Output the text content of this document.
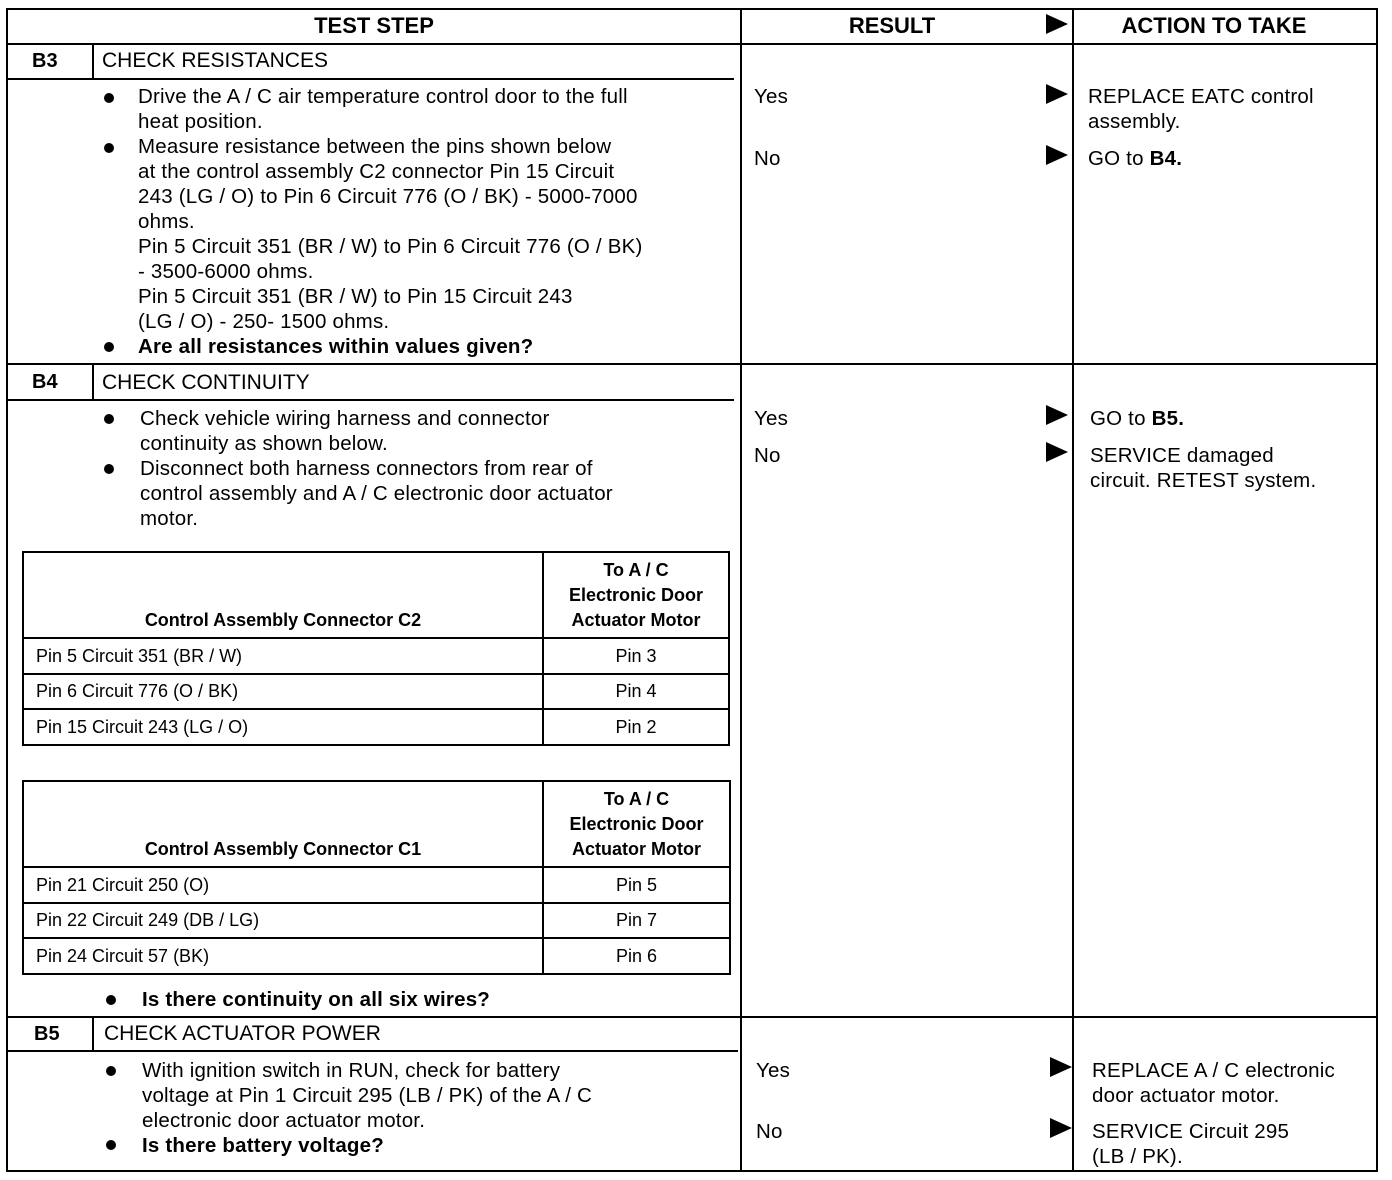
TEST STEP	RESULT	ACTION TO TAKE
B3 CHECK RESISTANCES
Drive the A / C air temperature control door to the full
heat position.
Measure resistance between the pins shown below
at the control assembly C2 connector Pin 15 Circuit
243 (LG / O) to Pin 6 Circuit 776 (O / BK) - 5000-7000
ohms.
Pin 5 Circuit 351 (BR / W) to Pin 6 Circuit 776 (O / BK)
- 3500-6000 ohms.
Pin 5 Circuit 351 (BR / W) to Pin 15 Circuit 243
(LG / O) - 250- 1500 ohms.
Are all resistances within values given?
Yes	REPLACE EATC control
assembly.
No	GO to B4.
B4 CHECK CONTINUITY
Check vehicle wiring harness and connector
continuity as shown below.
Disconnect both harness connectors from rear of
control assembly and A / C electronic door actuator
motor.
Control Assembly Connector C2	To A / C
Electronic Door
Actuator Motor

Pin 5 Circuit 351 (BR / W)	Pin 3
Pin 6 Circuit 776 (O / BK)	Pin 4
Pin 15 Circuit 243 (LG / O)	Pin 2
Control Assembly Connector C1	To A / C
Electronic Door
Actuator Motor

Pin 21 Circuit 250 (O)	Pin 5
Pin 22 Circuit 249 (DB / LG)	Pin 7
Pin 24 Circuit 57 (BK)	Pin 6
Is there continuity on all six wires?
Yes	GO to B5.
No	SERVICE damaged
circuit. RETEST system.
B5 CHECK ACTUATOR POWER
With ignition switch in RUN, check for battery
voltage at Pin 1 Circuit 295 (LB / PK) of the A / C
electronic door actuator motor.
Is there battery voltage?
Yes	REPLACE A / C electronic
door actuator motor.
No	SERVICE Circuit 295
(LB / PK).
